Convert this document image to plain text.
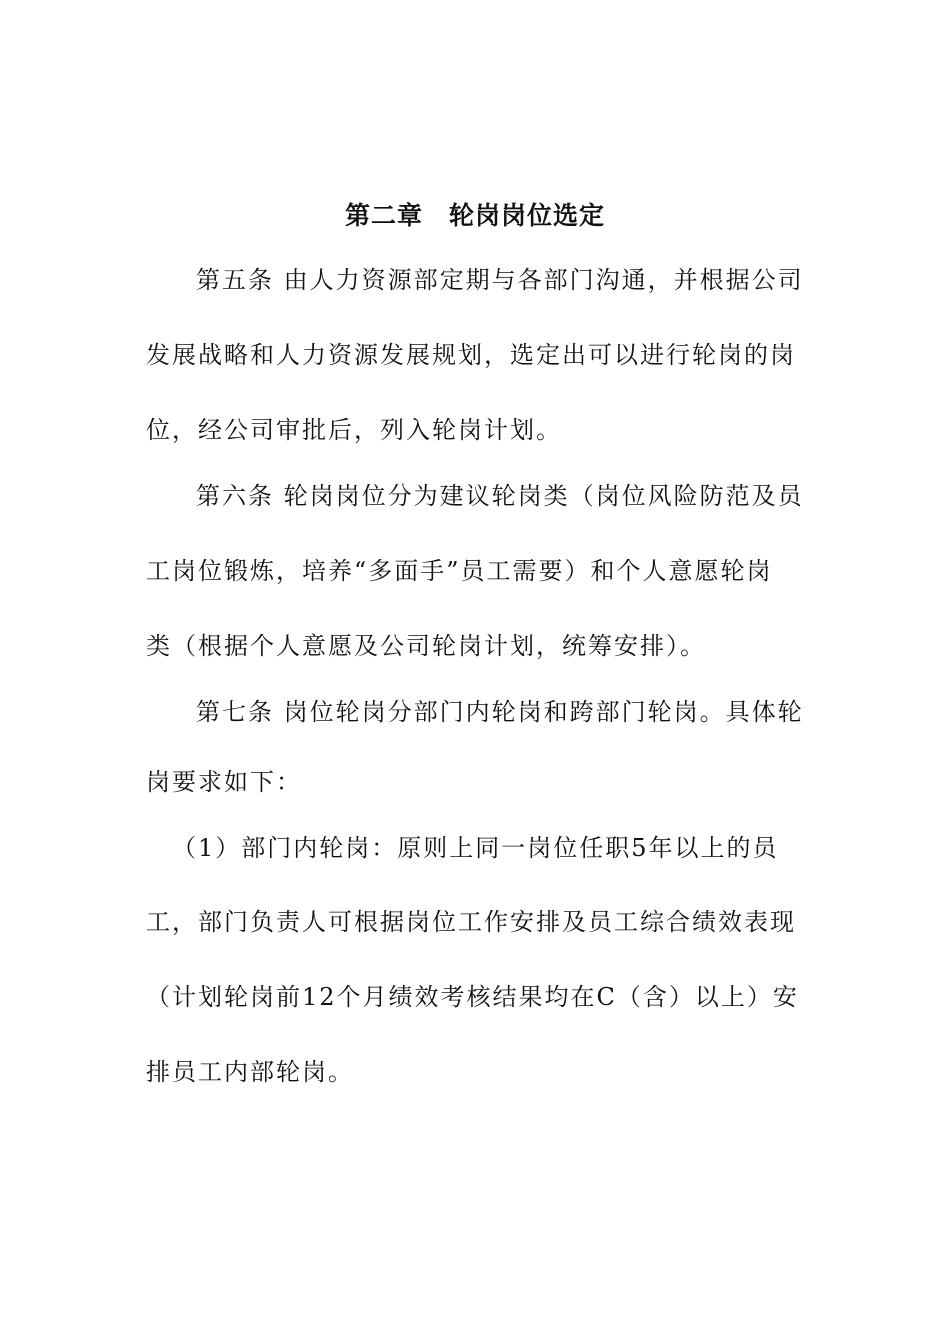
第二章　轮岗岗位选定
第五条 由人力资源部定期与各部门沟通，并根据公司
发展战略和人力资源发展规划，选定出可以进行轮岗的岗
位，经公司审批后，列入轮岗计划。
第六条 轮岗岗位分为建议轮岗类（岗位风险防范及员
工岗位锻炼，培养“多面手”员工需要）和个人意愿轮岗
类（根据个人意愿及公司轮岗计划，统筹安排）。
第七条 岗位轮岗分部门内轮岗和跨部门轮岗。具体轮
岗要求如下：
（1）部门内轮岗：原则上同一岗位任职5年以上的员
工，部门负责人可根据岗位工作安排及员工综合绩效表现
（计划轮岗前12个月绩效考核结果均在C（含）以上）安
排员工内部轮岗。
